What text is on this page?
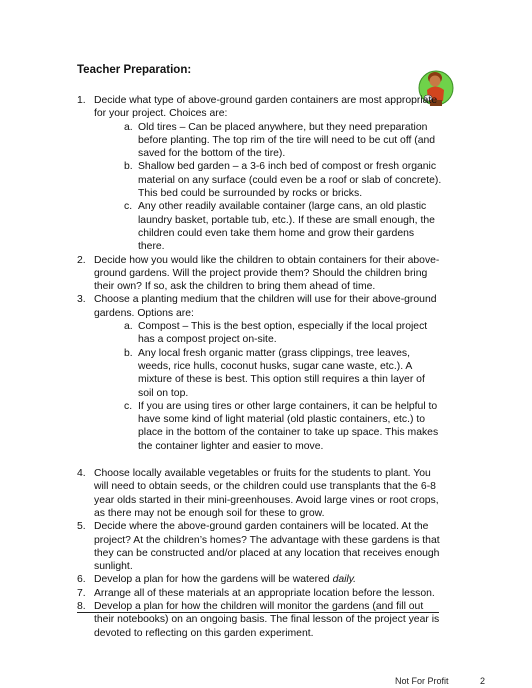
Teacher Preparation:
1. Decide what type of above-ground garden containers are most appropriate for your project. Choices are:
a. Old tires – Can be placed anywhere, but they need preparation before planting. The top rim of the tire will need to be cut off (and saved for the bottom of the tire).
b. Shallow bed garden – a 3-6 inch bed of compost or fresh organic material on any surface (could even be a roof or slab of concrete). This bed could be surrounded by rocks or bricks.
c. Any other readily available container (large cans, an old plastic laundry basket, portable tub, etc.). If these are small enough, the children could even take them home and grow their gardens there.
2. Decide how you would like the children to obtain containers for their above-ground gardens. Will the project provide them? Should the children bring their own? If so, ask the children to bring them ahead of time.
3. Choose a planting medium that the children will use for their above-ground gardens. Options are:
a. Compost – This is the best option, especially if the local project has a compost project on-site.
b. Any local fresh organic matter (grass clippings, tree leaves, weeds, rice hulls, coconut husks, sugar cane waste, etc.). A mixture of these is best. This option still requires a thin layer of soil on top.
c. If you are using tires or other large containers, it can be helpful to have some kind of light material (old plastic containers, etc.) to place in the bottom of the container to take up space. This makes the container lighter and easier to move.
4. Choose locally available vegetables or fruits for the students to plant. You will need to obtain seeds, or the children could use transplants that the 6-8 year olds started in their mini-greenhouses. Avoid large vines or root crops, as there may not be enough soil for these to grow.
5. Decide where the above-ground garden containers will be located. At the project? At the children’s homes? The advantage with these gardens is that they can be constructed and/or placed at any location that receives enough sunlight.
6. Develop a plan for how the gardens will be watered daily.
7. Arrange all of these materials at an appropriate location before the lesson.
8. Develop a plan for how the children will monitor the gardens (and fill out their notebooks) on an ongoing basis. The final lesson of the project year is devoted to reflecting on this garden experiment.
Not For Profit	2
